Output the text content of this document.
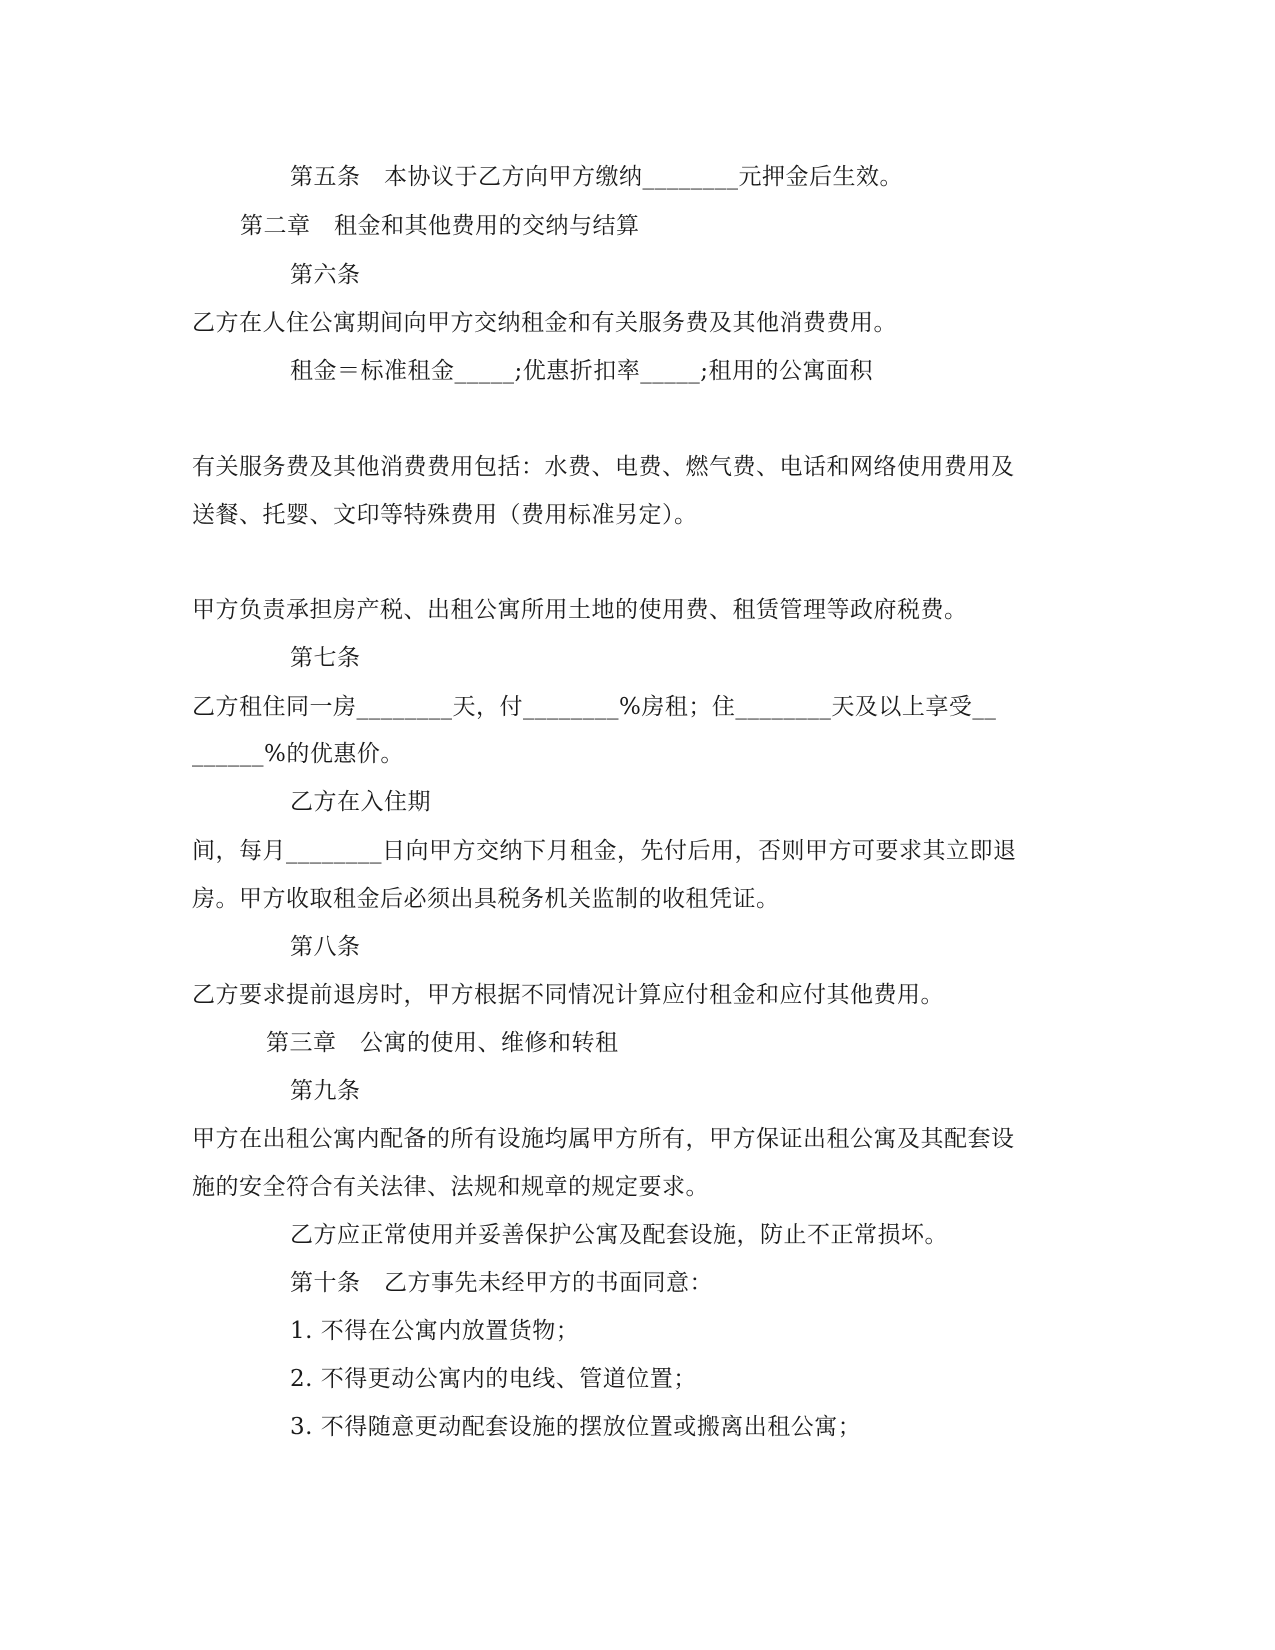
第五条　本协议于乙方向甲方缴纳________元押金后生效。
第二章　租金和其他费用的交纳与结算
第六条
乙方在人住公寓期间向甲方交纳租金和有关服务费及其他消费费用。
租金＝标准租金_____;优惠折扣率_____;租用的公寓面积
有关服务费及其他消费费用包括：水费、电费、燃气费、电话和网络使用费用及
送餐、托婴、文印等特殊费用（费用标准另定）。
甲方负责承担房产税、出租公寓所用土地的使用费、租赁管理等政府税费。
第七条
乙方租住同一房________天，付________%房租；住________天及以上享受__
______%的优惠价。
乙方在入住期
间，每月________日向甲方交纳下月租金，先付后用，否则甲方可要求其立即退
房。甲方收取租金后必须出具税务机关监制的收租凭证。
第八条
乙方要求提前退房时，甲方根据不同情况计算应付租金和应付其他费用。
第三章　公寓的使用、维修和转租
第九条
甲方在出租公寓内配备的所有设施均属甲方所有，甲方保证出租公寓及其配套设
施的安全符合有关法律、法规和规章的规定要求。
乙方应正常使用并妥善保护公寓及配套设施，防止不正常损坏。
第十条　乙方事先未经甲方的书面同意：
1. 不得在公寓内放置货物；
2. 不得更动公寓内的电线、管道位置；
3. 不得随意更动配套设施的摆放位置或搬离出租公寓；
